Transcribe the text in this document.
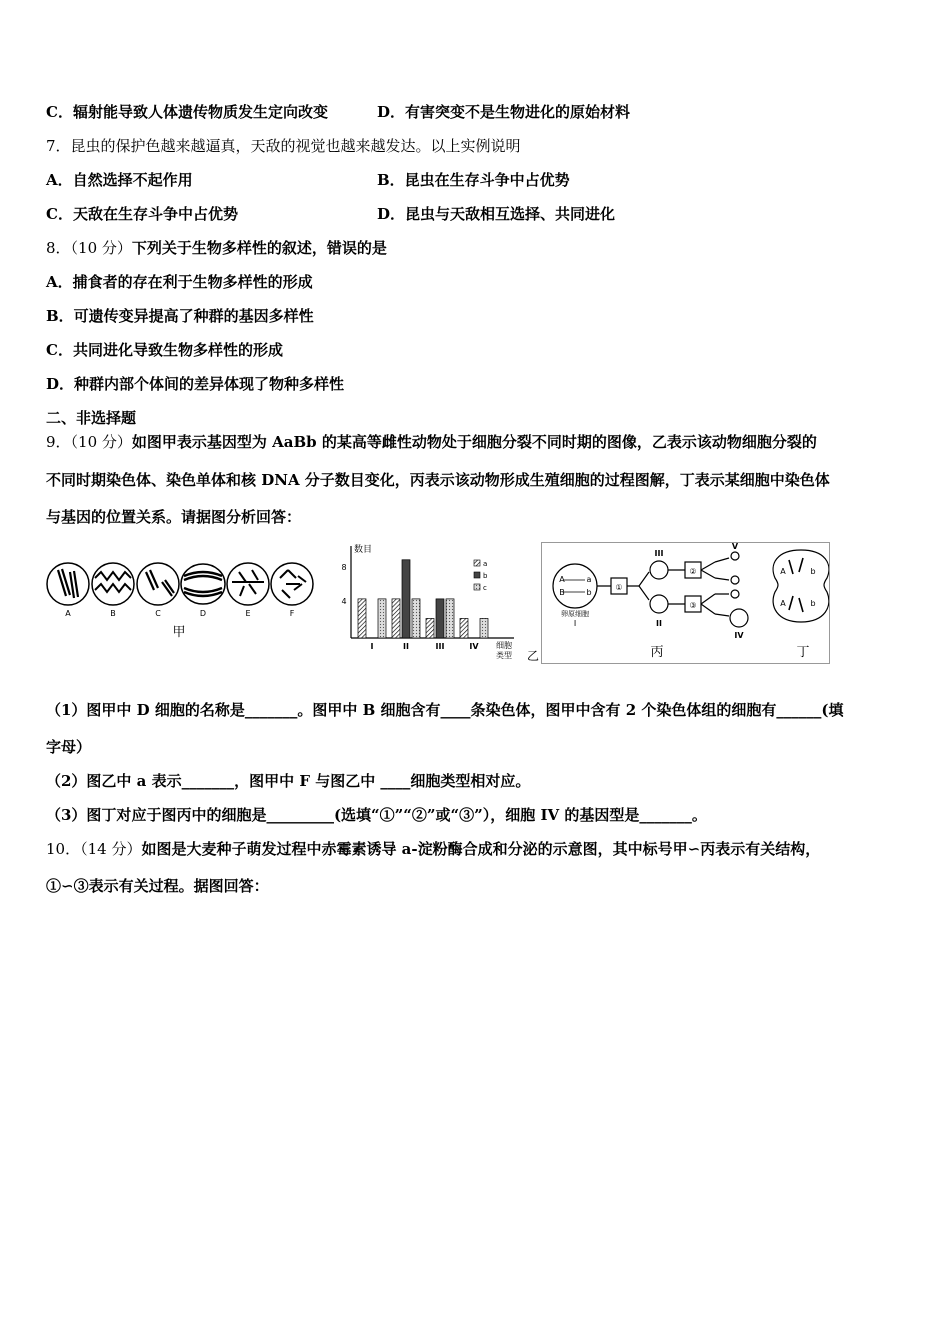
C．辐射能导致人体遗传物质发生定向改变	D．有害突变不是生物进化的原始材料
7．昆虫的保护色越来越逼真，天敌的视觉也越来越发达。以上实例说明
A．自然选择不起作用	B．昆虫在生存斗争中占优势
C．天敌在生存斗争中占优势	D．昆虫与天敌相互选择、共同进化
8．（10 分）下列关于生物多样性的叙述，错误的是
A．捕食者的存在利于生物多样性的形成
B．可遗传变异提高了种群的基因多样性
C．共同进化导致生物多样性的形成
D．种群内部个体间的差异体现了物种多样性
二、非选择题
9．（10 分）如图甲表示基因型为 AaBb 的某高等雌性动物处于细胞分裂不同时期的图像，乙表示该动物细胞分裂的
不同时期染色体、染色单体和核 DNA 分子数目变化，丙表示该动物形成生殖细胞的过程图解，丁表示某细胞中染色体
与基因的位置关系。请据图分析回答：
A	B	C	D	E	F
甲
数目
8
4
I	II	III	IV 细胞
类型
a
b
c
乙
A	a
B	b
卵原细胞
I
①
②
③
III
II
V
IV
丙
A	b
A	b
丁
（1）图甲中 D 细胞的名称是_______。图甲中 B 细胞含有____条染色体，图甲中含有 2 个染色体组的细胞有______(填
字母）
（2）图乙中 a 表示_______，图甲中 F 与图乙中 ____细胞类型相对应。
（3）图丁对应于图丙中的细胞是_________(选填“①”“②”或“③”），细胞 IV 的基因型是_______。
10．（14 分）如图是大麦种子萌发过程中赤霉素诱导 a-淀粉酶合成和分泌的示意图，其中标号甲∽丙表示有关结构，
①∽③表示有关过程。据图回答：
